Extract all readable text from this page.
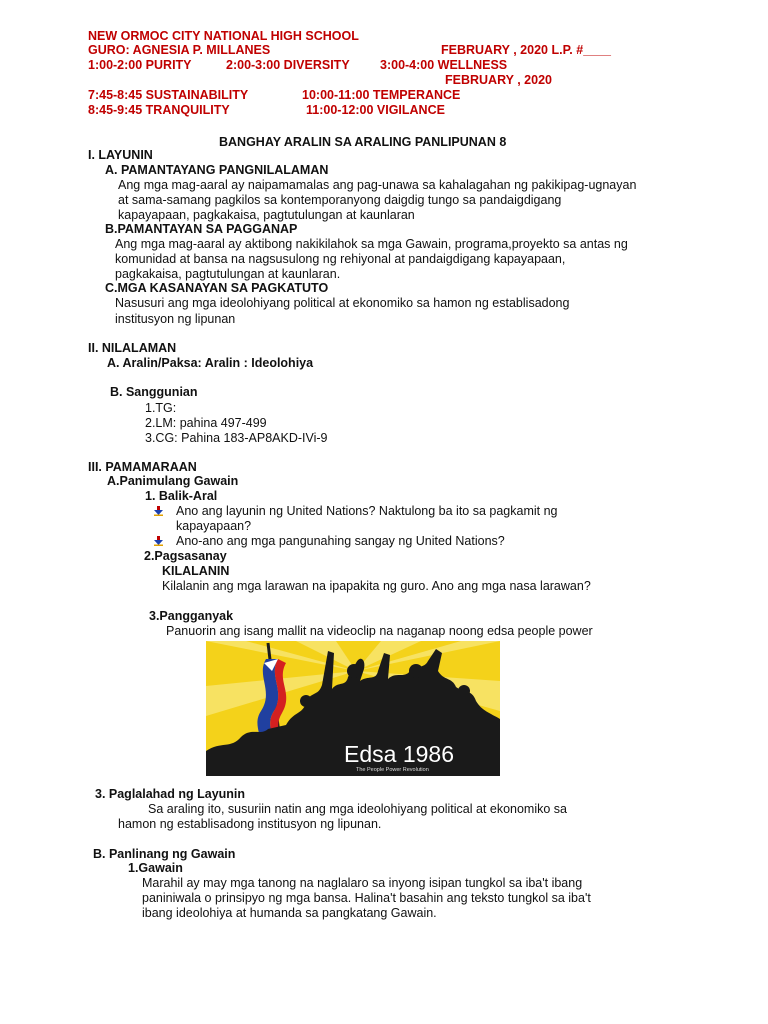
NEW ORMOC CITY NATIONAL HIGH SCHOOL
GURO: AGNESIA P. MILLANES	FEBRUARY , 2020 L.P. #____
1:00-2:00 PURITY	2:00-3:00 DIVERSITY 3:00-4:00 WELLNESS
FEBRUARY , 2020
7:45-8:45 SUSTAINABILITY	10:00-11:00 TEMPERANCE
8:45-9:45 TRANQUILITY	11:00-12:00 VIGILANCE
BANGHAY ARALIN SA ARALING PANLIPUNAN 8
I. LAYUNIN
A. PAMANTAYANG PANGNILALAMAN
Ang mga mag-aaral ay naipamamalas ang pag-unawa sa kahalagahan ng pakikipag-ugnayan
at sama-samang pagkilos sa kontemporanyong daigdig tungo sa pandaigdigang
kapayapaan, pagkakaisa, pagtutulungan at kaunlaran
B.PAMANTAYAN SA PAGGANAP
Ang mga mag-aaral ay aktibong nakikilahok sa mga Gawain, programa,proyekto sa antas ng
komunidad at bansa na nagsusulong ng rehiyonal at pandaigdigang kapayapaan,
pagkakaisa, pagtutulungan at kaunlaran.
C.MGA KASANAYAN SA PAGKATUTO
Nasusuri ang mga ideolohiyang political at ekonomiko sa hamon ng establisadong
institusyon ng lipunan
II. NILALAMAN
A. Aralin/Paksa: Aralin : Ideolohiya
B. Sanggunian
1.TG:
2.LM: pahina 497-499
3.CG: Pahina 183-AP8AKD-IVi-9
III. PAMAMARAAN
A.Panimulang Gawain
1. Balik-Aral
Ano ang layunin ng United Nations? Naktulong ba ito sa pagkamit ng
kapayapaan?
Ano-ano ang mga pangunahing sangay ng United Nations?
2.Pagsasanay
KILALANIN
Kilalanin ang mga larawan na ipapakita ng guro. Ano ang mga nasa larawan?
3.Pangganyak
Panuorin ang isang mallit na videoclip na naganap noong edsa people power
Edsa 1986
The People Power Revolution
3. Paglalahad ng Layunin
Sa araling ito, susuriin natin ang mga ideolohiyang political at ekonomiko sa
hamon ng establisadong institusyon ng lipunan.
B. Panlinang ng Gawain
1.Gawain
Marahil ay may mga tanong na naglalaro sa inyong isipan tungkol sa iba't ibang
paniniwala o prinsipyo ng mga bansa. Halina't basahin ang teksto tungkol sa iba't
ibang ideolohiya at humanda sa pangkatang Gawain.
